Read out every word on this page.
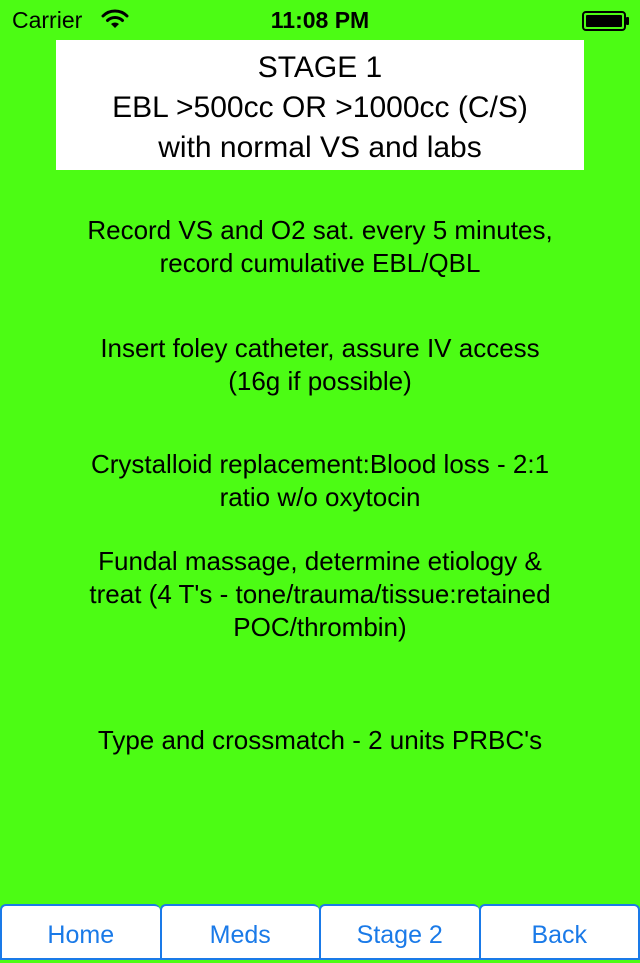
Carrier	11:08 PM
STAGE 1
EBL >500cc OR >1000cc (C/S)
with normal VS and labs
Record VS and O2 sat. every 5 minutes,
record cumulative EBL/QBL
Insert foley catheter, assure IV access
(16g if possible)
Crystalloid replacement:Blood loss - 2:1
ratio w/o oxytocin
Fundal massage, determine etiology &
treat (4 T's - tone/trauma/tissue:retained
POC/thrombin)
Type and crossmatch - 2 units PRBC's
Home	Meds	Stage 2	Back
